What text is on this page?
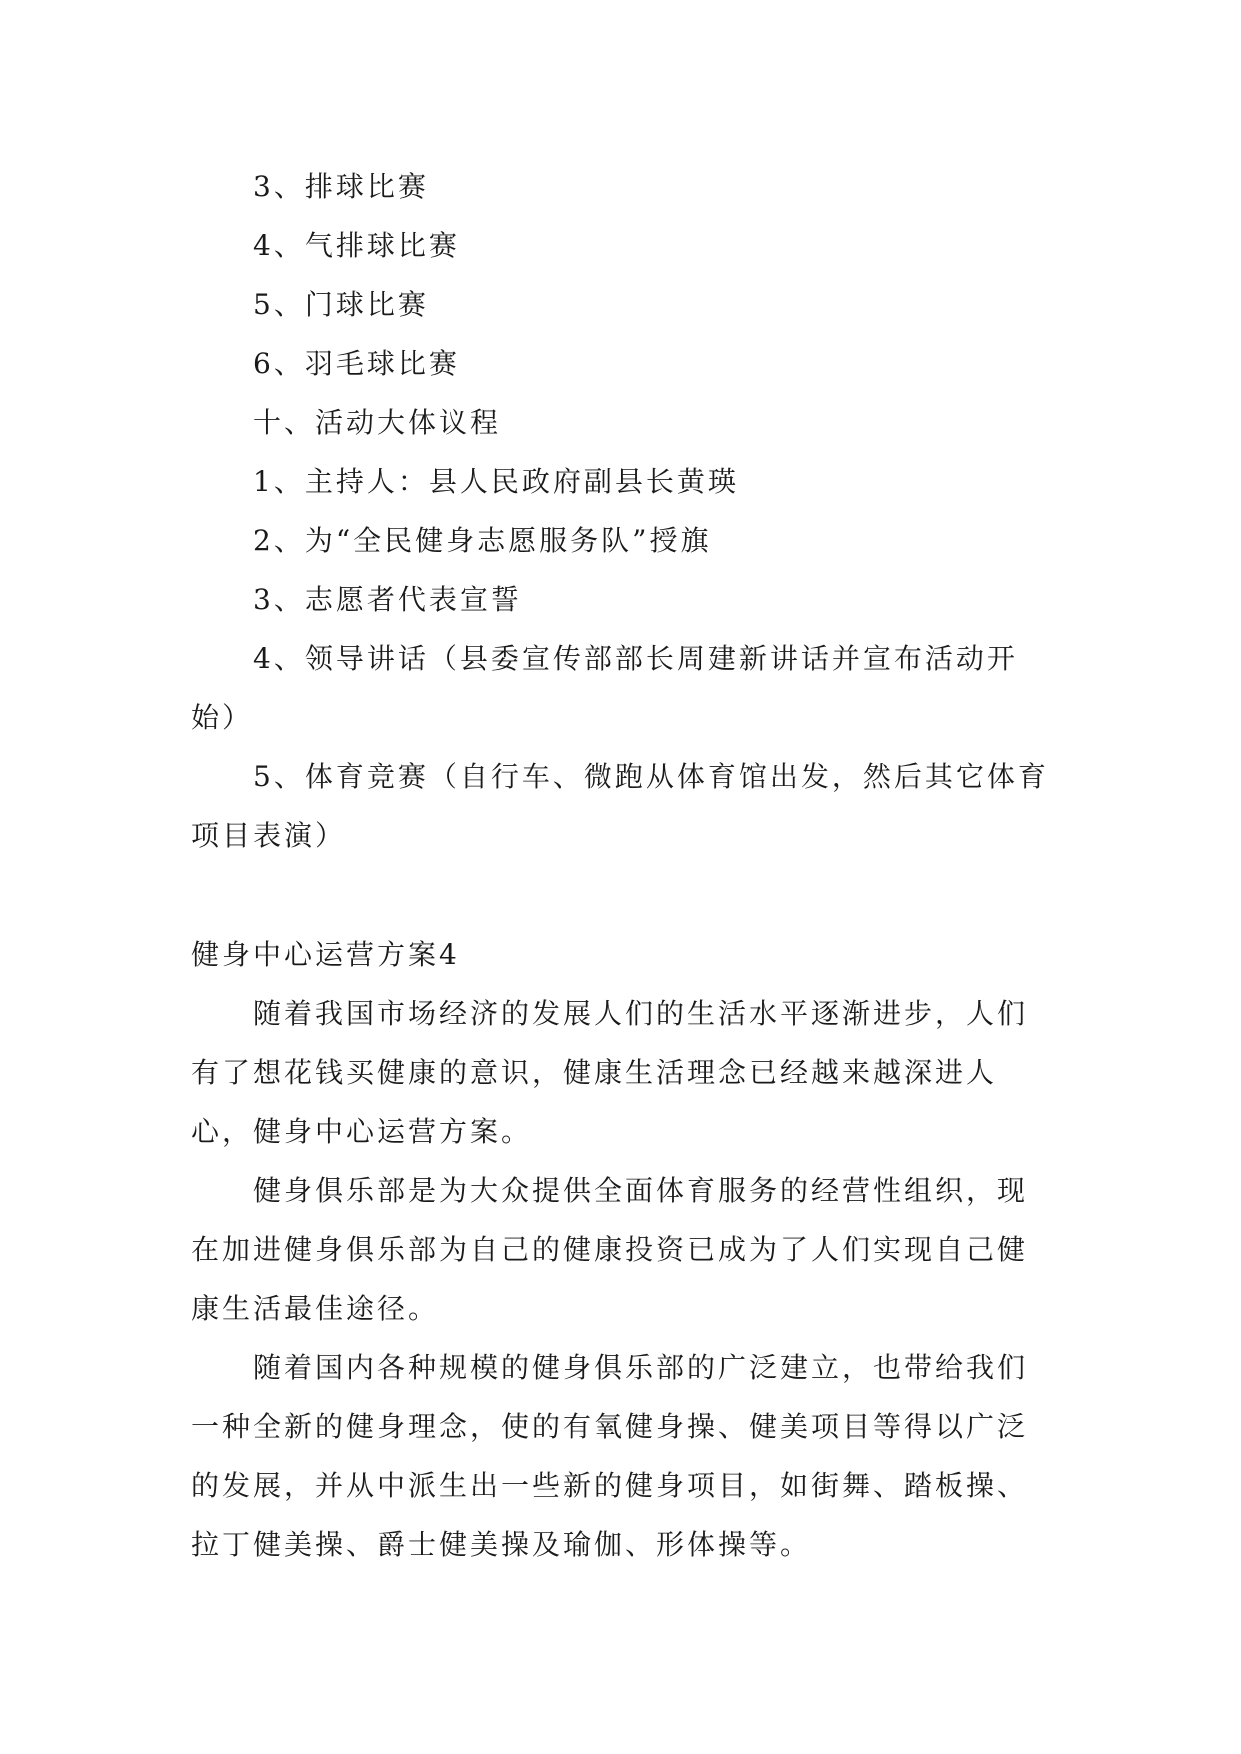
3、排球比赛

4、气排球比赛

5、门球比赛

6、羽毛球比赛

十、活动大体议程

1、主持人：县人民政府副县长黄瑛

2、为“全民健身志愿服务队”授旗

3、志愿者代表宣誓

4、领导讲话（县委宣传部部长周建新讲话并宣布活动开始）

5、体育竞赛（自行车、微跑从体育馆出发，然后其它体育项目表演）

健身中心运营方案4

随着我国市场经济的发展人们的生活水平逐渐进步，人们有了想花钱买健康的意识，健康生活理念已经越来越深进人心，健身中心运营方案。

健身俱乐部是为大众提供全面体育服务的经营性组织，现在加进健身俱乐部为自己的健康投资已成为了人们实现自己健康生活最佳途径。

随着国内各种规模的健身俱乐部的广泛建立，也带给我们一种全新的健身理念，使的有氧健身操、健美项目等得以广泛的发展，并从中派生出一些新的健身项目，如街舞、踏板操、拉丁健美操、爵士健美操及瑜伽、形体操等。
